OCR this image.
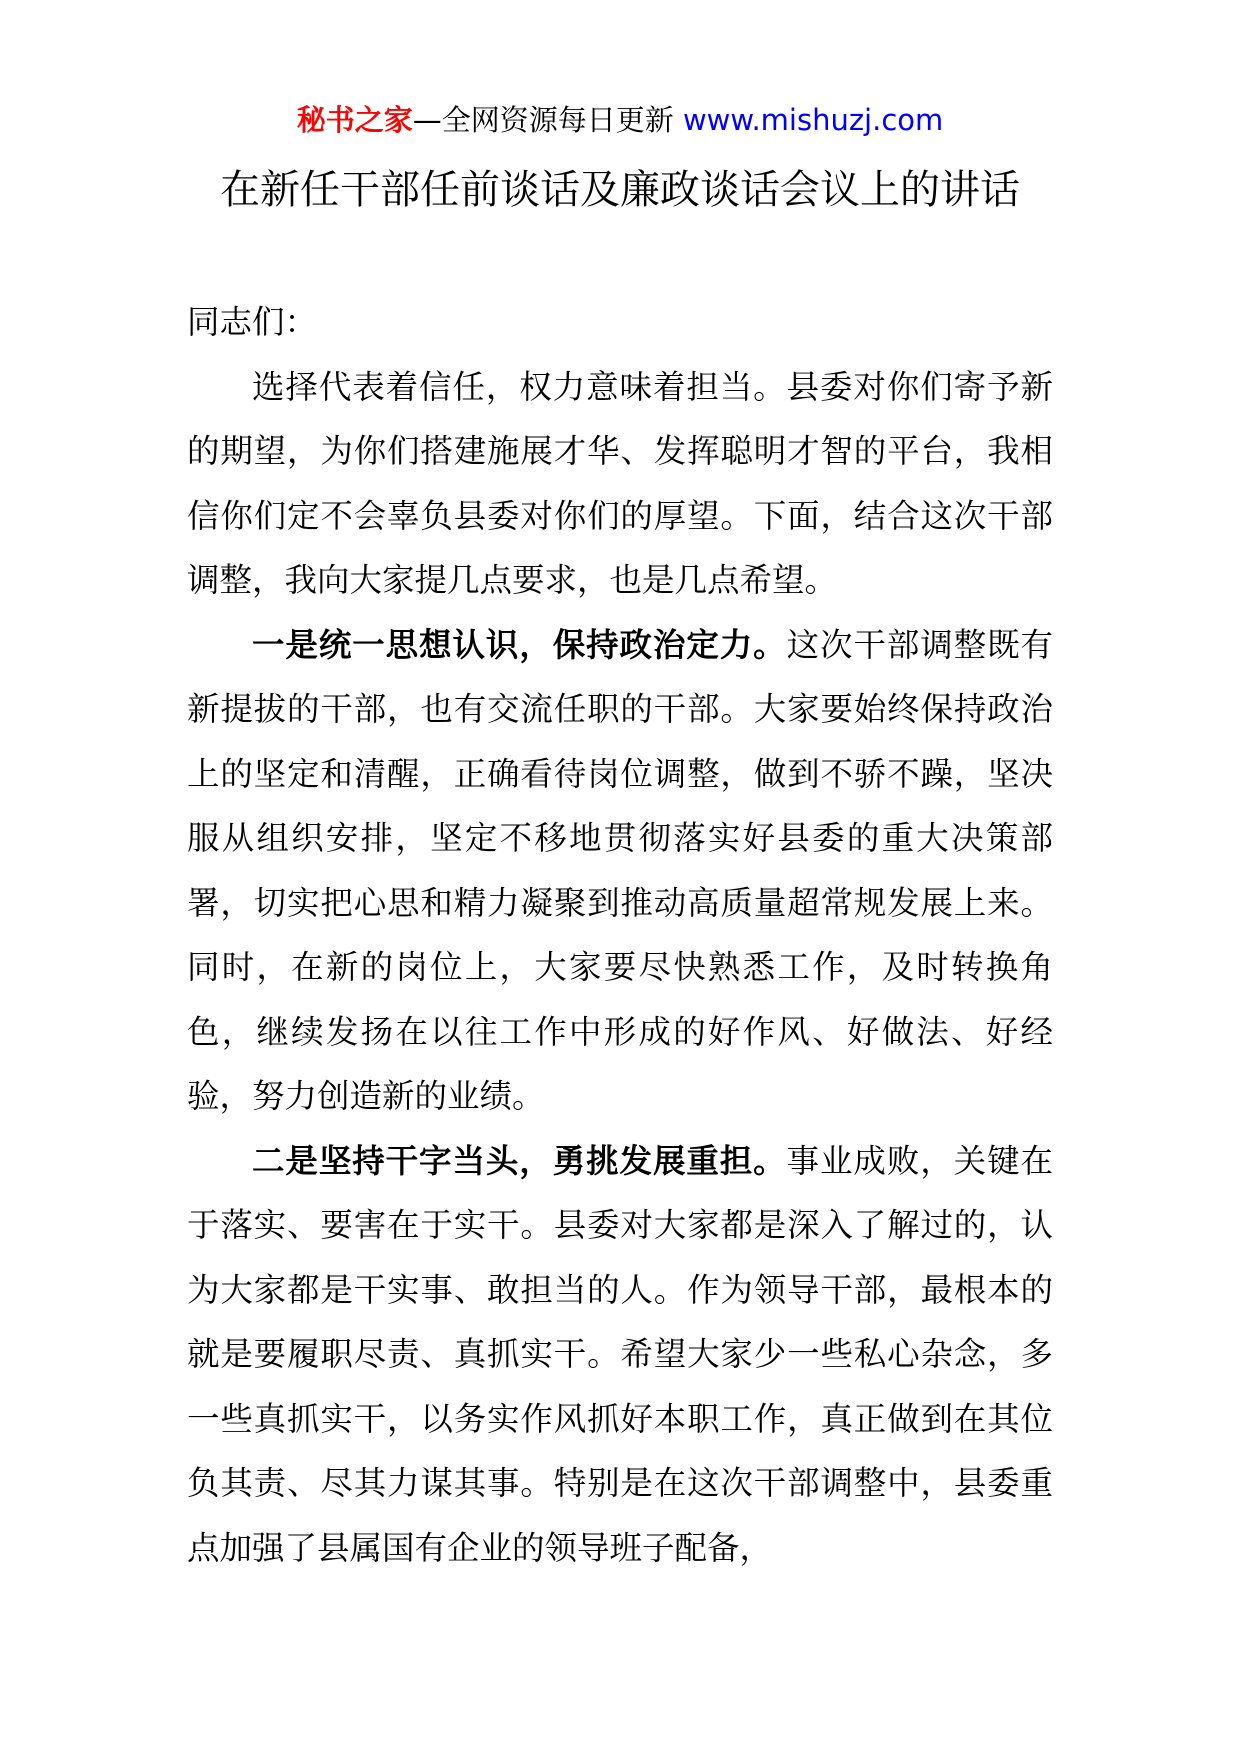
秘书之家—全网资源每日更新 www.mishuzj.com
在新任干部任前谈话及廉政谈话会议上的讲话

同志们：

选择代表着信任，权力意味着担当。县委对你们寄予新的期望，为你们搭建施展才华、发挥聪明才智的平台，我相信你们定不会辜负县委对你们的厚望。下面，结合这次干部调整，我向大家提几点要求，也是几点希望。

一是统一思想认识，保持政治定力。这次干部调整既有新提拔的干部，也有交流任职的干部。大家要始终保持政治上的坚定和清醒，正确看待岗位调整，做到不骄不躁，坚决服从组织安排，坚定不移地贯彻落实好县委的重大决策部署，切实把心思和精力凝聚到推动高质量超常规发展上来。同时，在新的岗位上，大家要尽快熟悉工作，及时转换角色，继续发扬在以往工作中形成的好作风、好做法、好经验，努力创造新的业绩。

二是坚持干字当头，勇挑发展重担。事业成败，关键在于落实、要害在于实干。县委对大家都是深入了解过的，认为大家都是干实事、敢担当的人。作为领导干部，最根本的就是要履职尽责、真抓实干。希望大家少一些私心杂念，多一些真抓实干，以务实作风抓好本职工作，真正做到在其位负其责、尽其力谋其事。特别是在这次干部调整中，县委重点加强了县属国有企业的领导班子配备，
